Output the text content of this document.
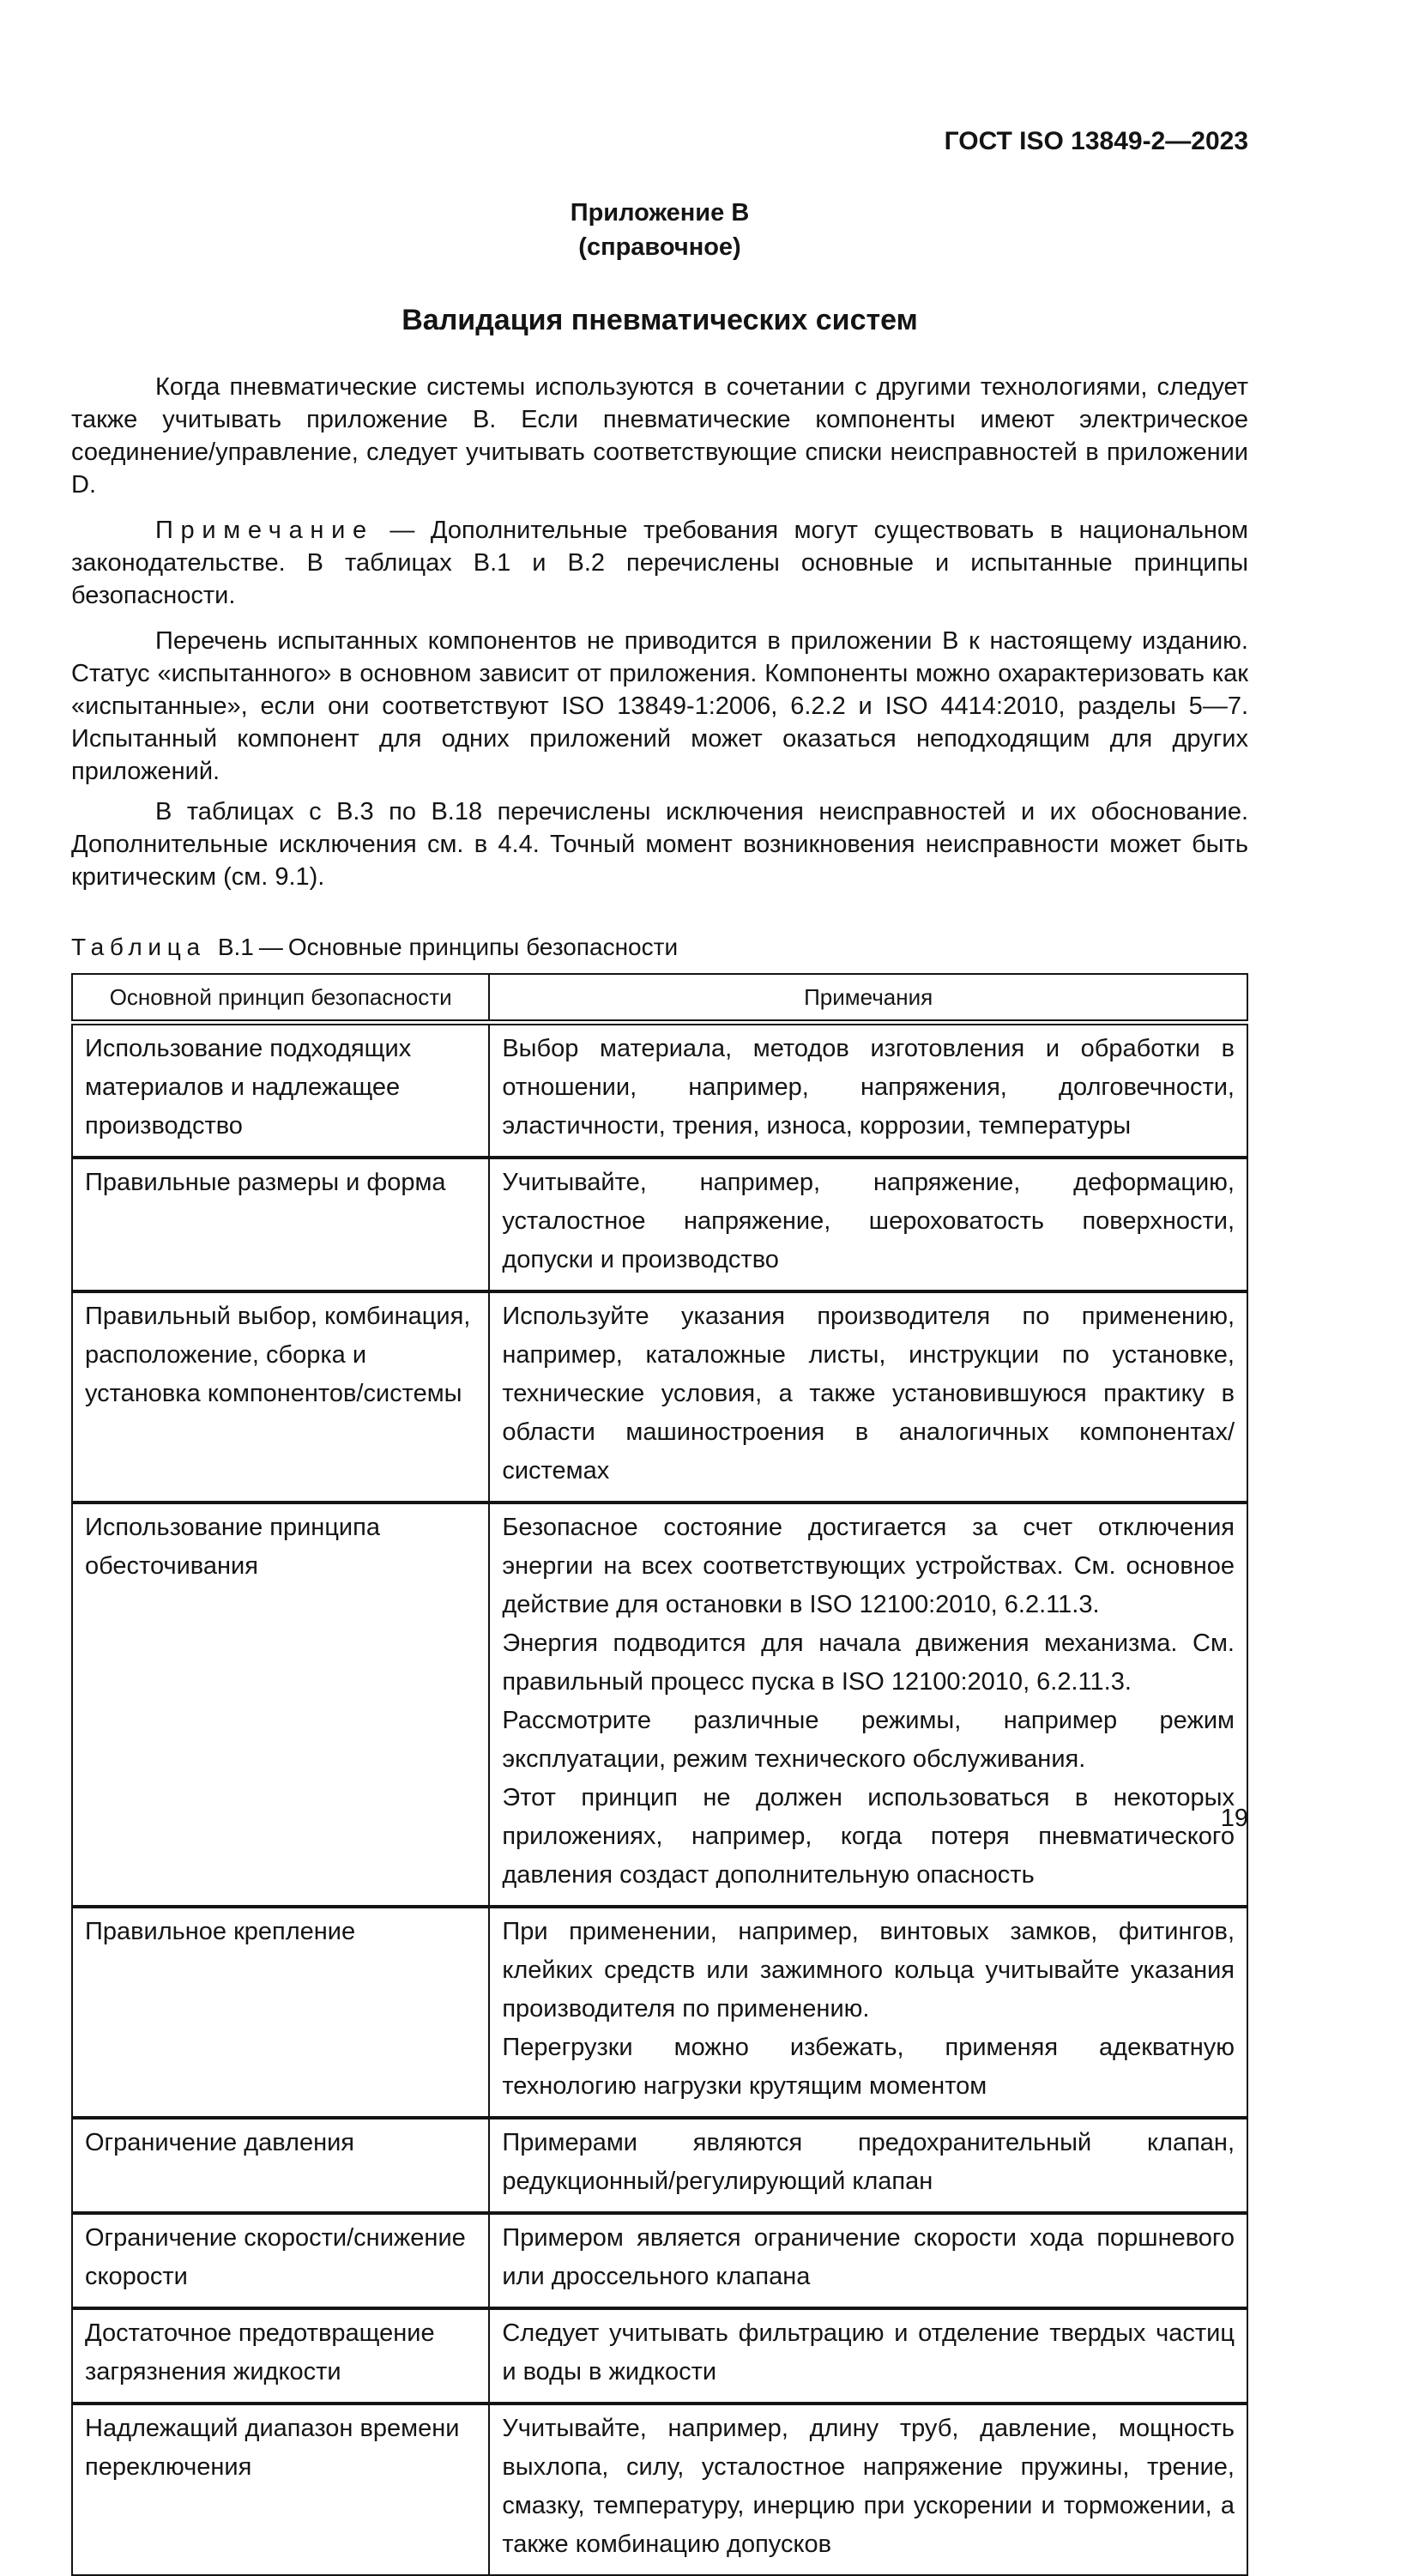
ГОСТ ISO 13849-2—2023
Приложение B
(справочное)
Валидация пневматических систем

Когда пневматические системы используются в сочетании с другими технологиями, следует также учитывать приложение B. Если пневматические компоненты имеют электрическое соединение/управление, следует учитывать соответствующие списки неисправностей в приложении D.

Примечание — Дополнительные требования могут существовать в национальном законодательстве. В таблицах B.1 и B.2 перечислены основные и испытанные принципы безопасности.

Перечень испытанных компонентов не приводится в приложении B к настоящему изданию. Статус «испытанного» в основном зависит от приложения. Компоненты можно охарактеризовать как «испытанные», если они соответствуют ISO 13849-1:2006, 6.2.2 и ISO 4414:2010, разделы 5—7. Испытанный компонент для одних приложений может оказаться неподходящим для других приложений.

В таблицах с B.3 по B.18 перечислены исключения неисправностей и их обоснование. Дополнительные исключения см. в 4.4. Точный момент возникновения неисправности может быть критическим (см. 9.1).

Таблица B.1 — Основные принципы безопасности

Основной принцип безопасности	Примечания
Использование подходящих материалов и надлежащее производство	Выбор материала, методов изготовления и обработки в отношении, например, напряжения, долговечности, эластичности, трения, износа, коррозии, температуры

Правильные размеры и форма	Учитывайте, например, напряжение, деформацию, усталостное напряжение, шероховатость поверхности, допуски и производство

Правильный выбор, комбинация, расположение, сборка и установка компонентов/системы	Используйте указания производителя по применению, например, каталожные листы, инструкции по установке, технические условия, а также установившуюся практику в области машиностроения в аналогичных компонентах/системах

Использование принципа обесточивания	Безопасное состояние достигается за счет отключения энергии на всех соответствующих устройствах. См. основное действие для остановки в ISO 12100:2010, 6.2.11.3.
Энергия подводится для начала движения механизма. См. правильный процесс пуска в ISO 12100:2010, 6.2.11.3.
Рассмотрите различные режимы, например режим эксплуатации, режим технического обслуживания.
Этот принцип не должен использоваться в некоторых приложениях, например, когда потеря пневматического давления создаст дополнительную опасность

Правильное крепление	При применении, например, винтовых замков, фитингов, клейких средств или зажимного кольца учитывайте указания производителя по применению.
Перегрузки можно избежать, применяя адекватную технологию нагрузки крутящим моментом

Ограничение давления	Примерами являются предохранительный клапан, редукционный/регулирующий клапан

Ограничение скорости/снижение скорости	Примером является ограничение скорости хода поршневого или дроссельного клапана

Достаточное предотвращение загрязнения жидкости	Следует учитывать фильтрацию и отделение твердых частиц и воды в жидкости

Надлежащий диапазон времени переключения	Учитывайте, например, длину труб, давление, мощность выхлопа, силу, усталостное напряжение пружины, трение, смазку, температуру, инерцию при ускорении и торможении, а также комбинацию допусков
19
